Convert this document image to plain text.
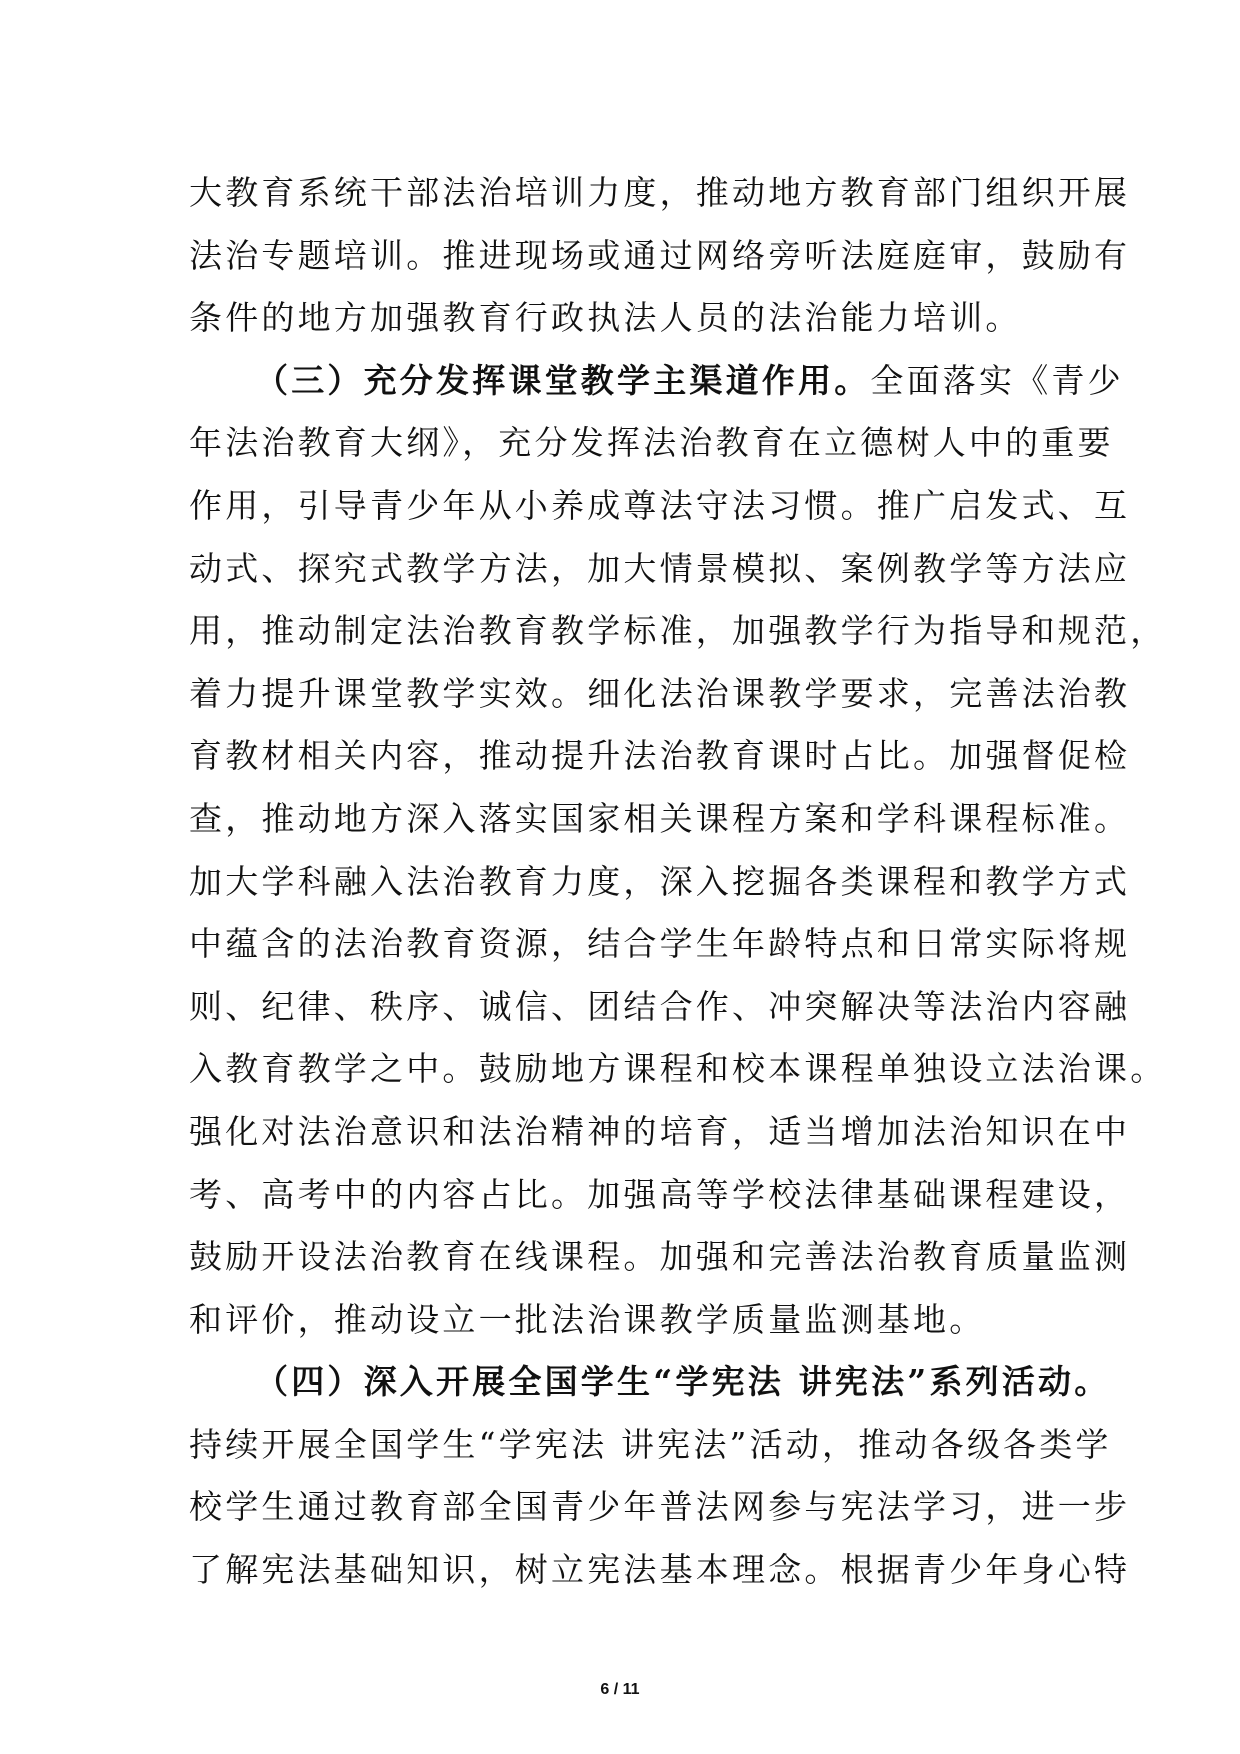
大教育系统干部法治培训力度，推动地方教育部门组织开展
法治专题培训。推进现场或通过网络旁听法庭庭审，鼓励有
条件的地方加强教育行政执法人员的法治能力培训。
（三）充分发挥课堂教学主渠道作用。全面落实《青少
年法治教育大纲》，充分发挥法治教育在立德树人中的重要
作用，引导青少年从小养成尊法守法习惯。推广启发式、互
动式、探究式教学方法，加大情景模拟、案例教学等方法应
用，推动制定法治教育教学标准，加强教学行为指导和规范，
着力提升课堂教学实效。细化法治课教学要求，完善法治教
育教材相关内容，推动提升法治教育课时占比。加强督促检
查，推动地方深入落实国家相关课程方案和学科课程标准。
加大学科融入法治教育力度，深入挖掘各类课程和教学方式
中蕴含的法治教育资源，结合学生年龄特点和日常实际将规
则、纪律、秩序、诚信、团结合作、冲突解决等法治内容融
入教育教学之中。鼓励地方课程和校本课程单独设立法治课。
强化对法治意识和法治精神的培育，适当增加法治知识在中
考、高考中的内容占比。加强高等学校法律基础课程建设，
鼓励开设法治教育在线课程。加强和完善法治教育质量监测
和评价，推动设立一批法治课教学质量监测基地。
（四）深入开展全国学生“学宪法 讲宪法”系列活动。
持续开展全国学生“学宪法 讲宪法”活动，推动各级各类学
校学生通过教育部全国青少年普法网参与宪法学习，进一步
了解宪法基础知识，树立宪法基本理念。根据青少年身心特
6 / 11
